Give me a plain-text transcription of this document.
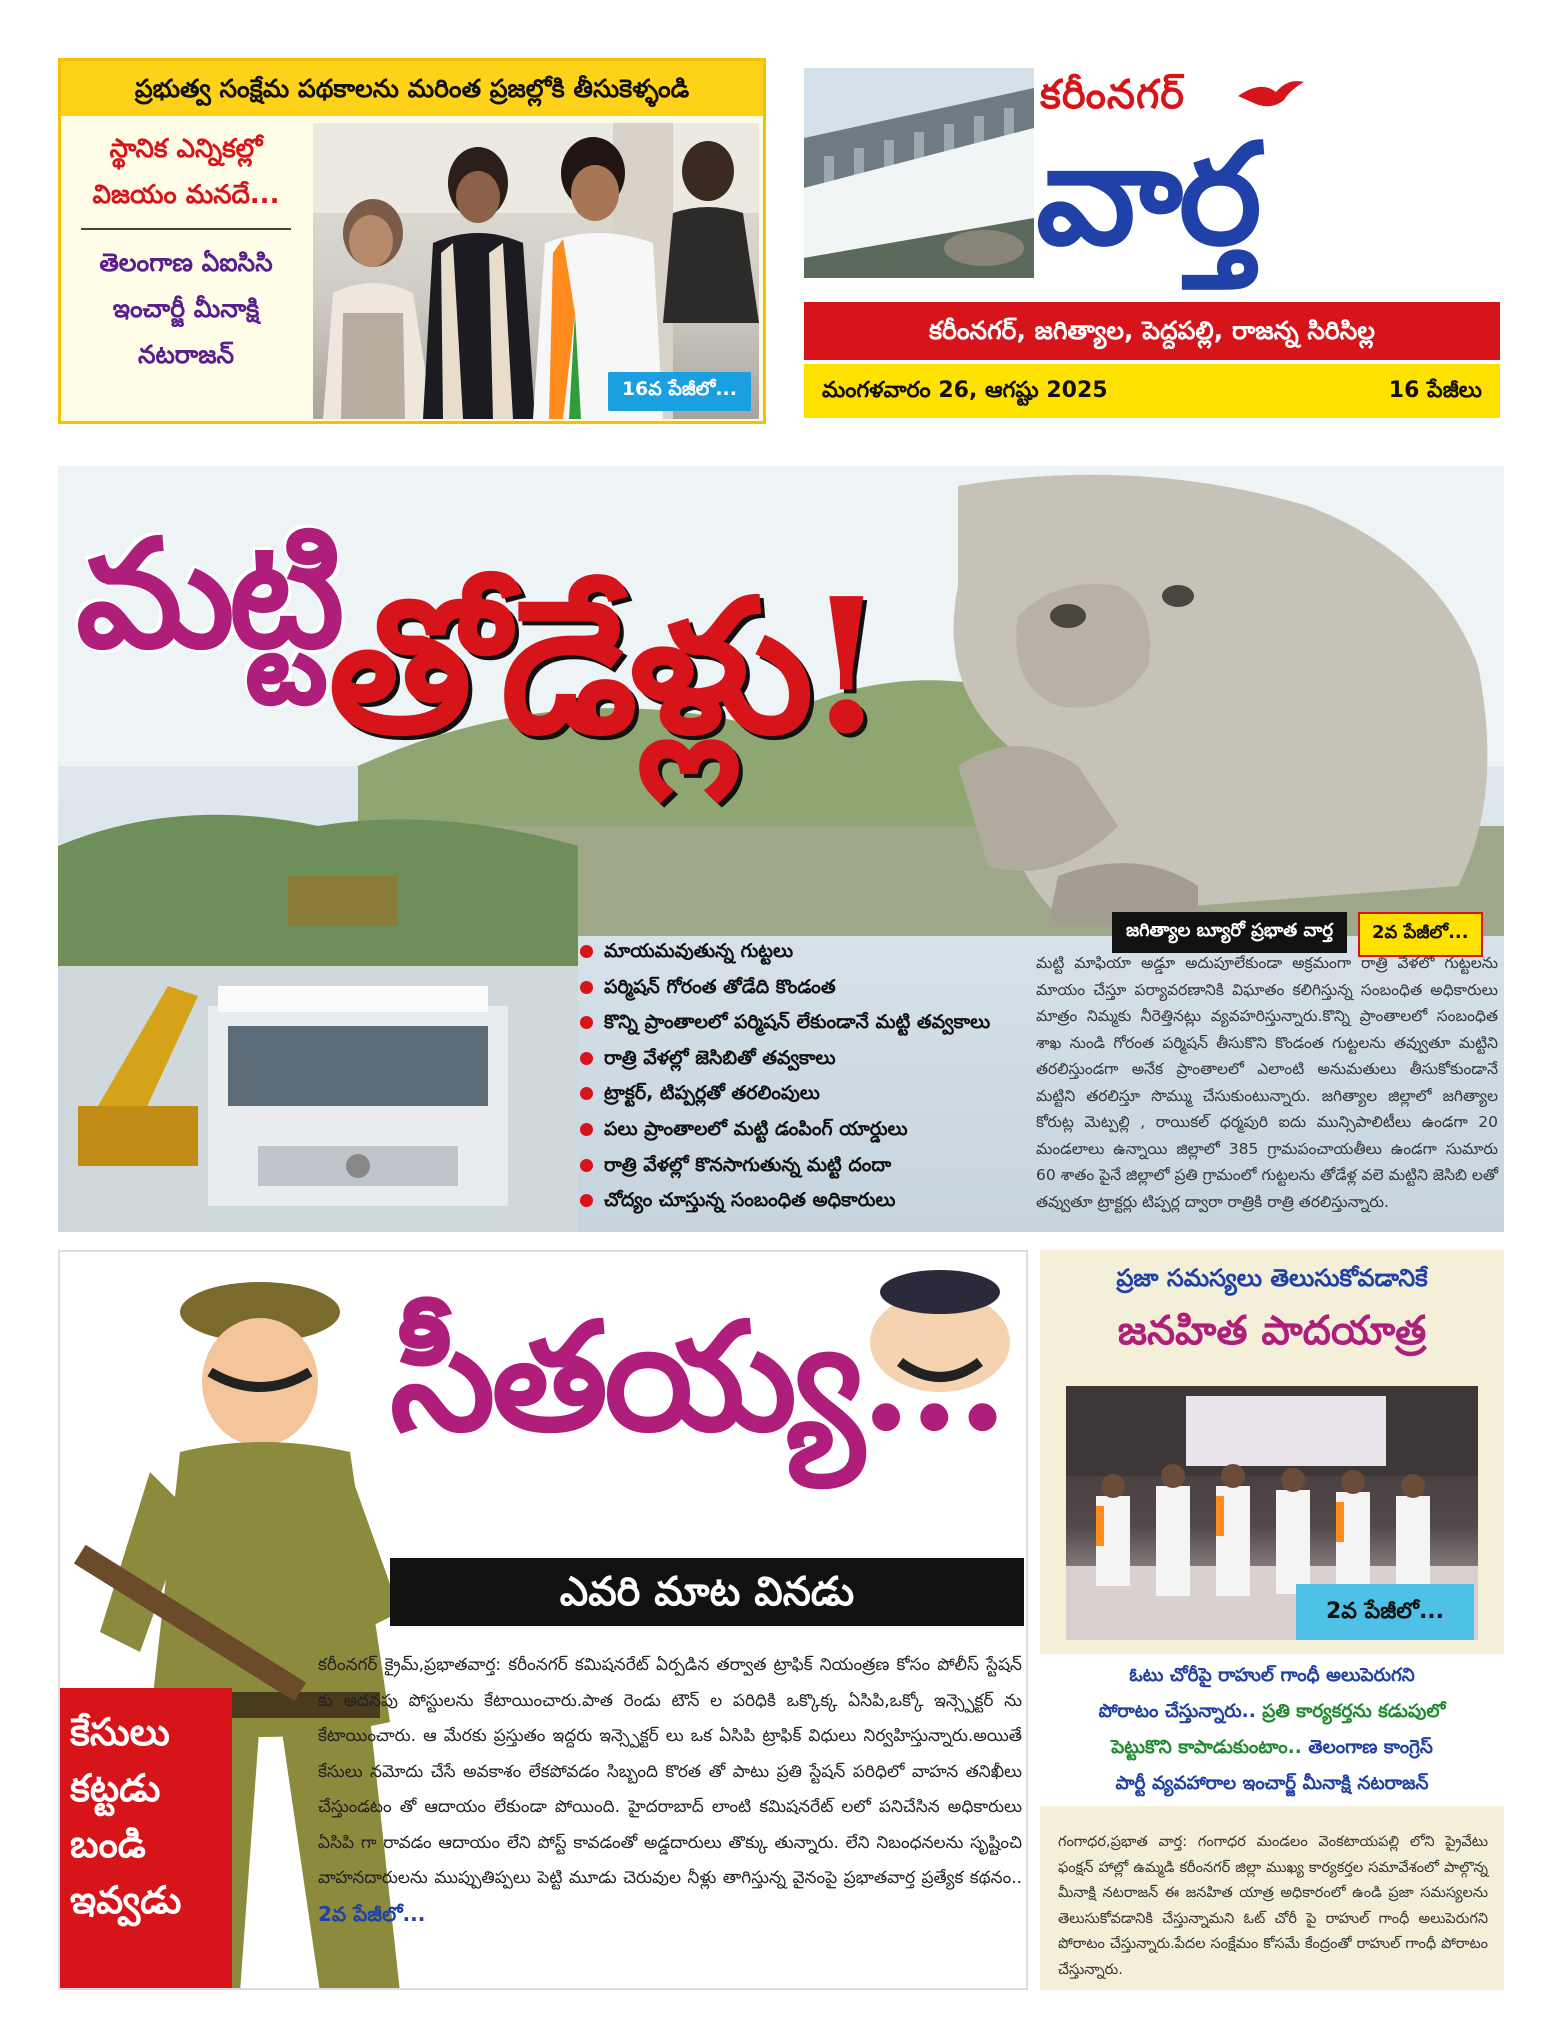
ప్రభుత్వ సంక్షేమ పథకాలను మరింత ప్రజల్లోకి తీసుకెళ్ళండి
స్థానిక ఎన్నికల్లో
విజయం మనదే...
తెలంగాణ ఏఐసిసి
ఇంచార్జీ మీనాక్షి
నటరాజన్
16వ పేజీలో...
కరీంనగర్
వార్త
కరీంనగర్, జగిత్యాల, పెద్దపల్లి, రాజన్న సిరిసిల్ల
మంగళవారం 26, ఆగష్టు 2025	16 పేజీలు
మట్టి
తోడేళ్లు!
జగిత్యాల బ్యూరో ప్రభాత వార్త	2వ పేజీలో...
మాయమవుతున్న గుట్టలు
పర్మిషన్ గోరంత తోడేది కొండంత
కొన్ని ప్రాంతాలలో పర్మిషన్ లేకుండానే మట్టి తవ్వకాలు
రాత్రి వేళల్లో జెసిబితో తవ్వకాలు
ట్రాక్టర్, టిప్పర్లతో తరలింపులు
పలు ప్రాంతాలలో మట్టి డంపింగ్ యార్డులు
రాత్రి వేళల్లో కొనసాగుతున్న మట్టి దందా
చోద్యం చూస్తున్న సంబంధిత అధికారులు

మట్టి మాఫియా అడ్డూ అదుపూలేకుండా అక్రమంగా రాత్రి వేళలో గుట్టలను మాయం చేస్తూ పర్యావరణానికి విఘాతం కలిగిస్తున్న సంబంధిత అధికారులు మాత్రం నిమ్మకు నీరెత్తినట్లు వ్యవహరిస్తున్నారు.కొన్ని ప్రాంతాలలో సంబంధిత శాఖ నుండి గోరంత పర్మిషన్ తీసుకొని కొండంత గుట్టలను తవ్వుతూ మట్టిని తరలిస్తుండగా అనేక ప్రాంతాలలో ఎలాంటి అనుమతులు తీసుకోకుండానే మట్టిని తరలిస్తూ సొమ్ము చేసుకుంటున్నారు. జగిత్యాల జిల్లాలో జగిత్యాల కోరుట్ల మెట్పల్లి , రాయికల్ ధర్మపురి ఐదు మున్సిపాలిటీలు ఉండగా 20 మండలాలు ఉన్నాయి జిల్లాలో 385 గ్రామపంచాయతీలు ఉండగా సుమారు 60 శాతం పైనే జిల్లాలో ప్రతి గ్రామంలో గుట్టలను తోడేళ్ల వలె మట్టిని జెసిబి లతో తవ్వుతూ ట్రాక్టర్లు టిప్పర్ల ద్వారా రాత్రికి రాత్రి తరలిస్తున్నారు.

సీతయ్య...
ఎవరి మాట వినడు
కేసులు
కట్టడు
బండి
ఇవ్వడు

కరీంనగర్ క్రైమ్,ప్రభాతవార్త: కరీంనగర్ కమిషనరేట్ ఏర్పడిన తర్వాత ట్రాఫిక్ నియంత్రణ కోసం పోలీస్ స్టేషన్ కు అదనపు పోస్టులను కేటాయించారు.పాత రెండు టౌన్ ల పరిధికి ఒక్కొక్క ఏసిపి,ఒక్కో ఇన్స్పెక్టర్ ను కేటాయించారు. ఆ మేరకు ప్రస్తుతం ఇద్దరు ఇన్స్పెక్టర్ లు ఒక ఏసిపి ట్రాఫిక్ విధులు నిర్వహిస్తున్నారు.అయితే కేసులు నమోదు చేసే అవకాశం లేకపోవడం సిబ్బంది కొరత తో పాటు ప్రతి స్టేషన్ పరిధిలో వాహన తనిఖీలు చేస్తుండటం తో ఆదాయం లేకుండా పోయింది. హైదరాబాద్ లాంటి కమిషనరేట్ లలో పనిచేసిన అధికారులు ఏసిపి గా రావడం ఆదాయం లేని పోస్ట్ కావడంతో అడ్డదారులు తొక్కు తున్నారు. లేని నిబంధనలను సృష్టించి వాహనదారులను ముప్పుతిప్పలు పెట్టి మూడు చెరువుల నీళ్లు తాగిస్తున్న వైనంపై ప్రభాతవార్త ప్రత్యేక కథనం.. 2వ పేజీలో...

ప్రజా సమస్యలు తెలుసుకోవడానికే
జనహిత పాదయాత్ర
2వ పేజీలో...

ఓటు చోరీపై రాహుల్ గాంధీ అలుపెరుగని

పోరాటం చేస్తున్నారు.. ప్రతి కార్యకర్తను కడుపులో

పెట్టుకొని కాపాడుకుంటాం.. తెలంగాణ కాంగ్రెస్

పార్టీ వ్యవహారాల ఇంచార్జ్ మీనాక్షి నటరాజన్

గంగాధర,ప్రభాత వార్త: గంగాధర మండలం వెంకటాయపల్లి లోని ప్రైవేటు ఫంక్షన్ హాల్లో ఉమ్మడి కరీంనగర్ జిల్లా ముఖ్య కార్యకర్తల సమావేశంలో పాల్గొన్న మీనాక్షి నటరాజన్ ఈ జనహిత యాత్ర అధికారంలో ఉండి ప్రజా సమస్యలను తెలుసుకోవడానికి చేస్తున్నామని ఓట్ చోరీ పై రాహుల్ గాంధీ అలుపెరుగని పోరాటం చేస్తున్నారు.పేదల సంక్షేమం కోసమే కేంద్రంతో రాహుల్ గాంధీ పోరాటం చేస్తున్నారు.
